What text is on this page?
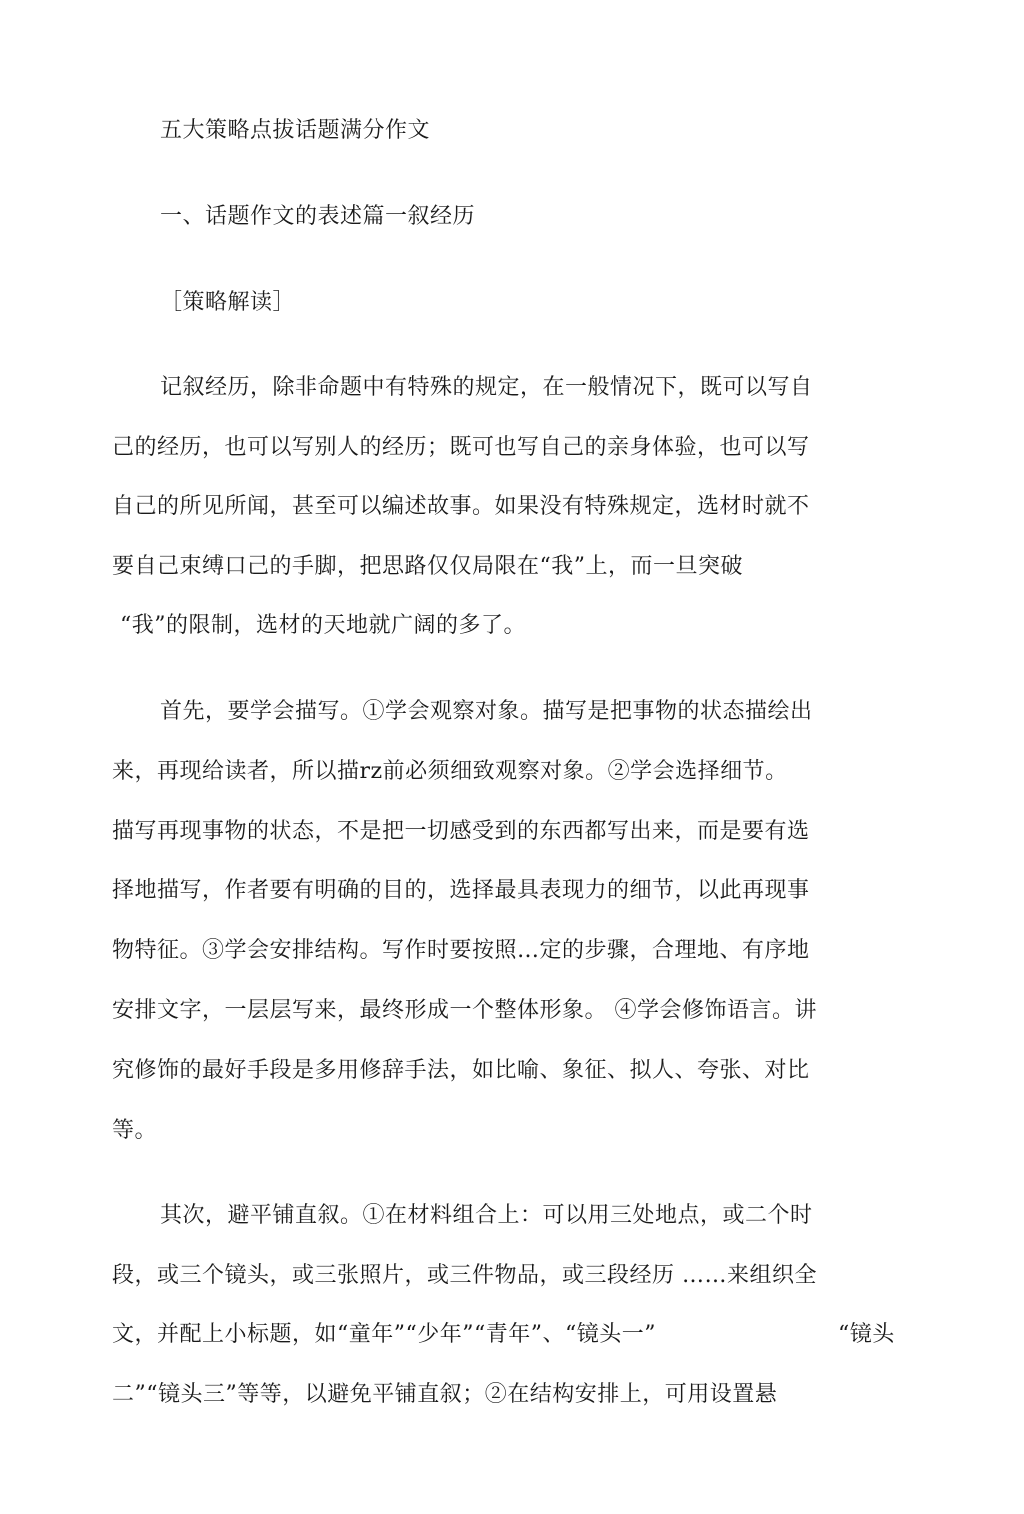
五大策略点拔话题满分作文
一、话题作文的表述篇一叙经历
［策略解读］
记叙经历，除非命题中有特殊的规定，在一般情况下，既可以写自
己的经历，也可以写别人的经历；既可也写自己的亲身体验，也可以写
自己的所见所闻，甚至可以编述故事。如果没有特殊规定，选材时就不
要自己束缚口己的手脚，把思路仅仅局限在“我”上，而一旦突破
“我”的限制，选材的天地就广阔的多了。
首先，要学会描写。①学会观察对象。描写是把事物的状态描绘出
来，再现给读者，所以描rz前必须细致观察对象。②学会选择细节。
描写再现事物的状态，不是把一切感受到的东西都写出来，而是要有选
择地描写，作者要有明确的目的，选择最具表现力的细节，以此再现事
物特征。③学会安排结构。写作时要按照…定的步骤，合理地、有序地
安排文字，一层层写来，最终形成一个整体形象。 ④学会修饰语言。讲
究修饰的最好手段是多用修辞手法，如比喻、象征、拟人、夸张、对比
等。
其次，避平铺直叙。①在材料组合上：可以用三处地点，或二个时
段，或三个镜头，或三张照片，或三件物品，或三段经历 ……来组织全
文，并配上小标题，如“童年”“少年”“青年”、“镜头一”	“镜头
二”“镜头三”等等，以避免平铺直叙；②在结构安排上，可用设置悬
